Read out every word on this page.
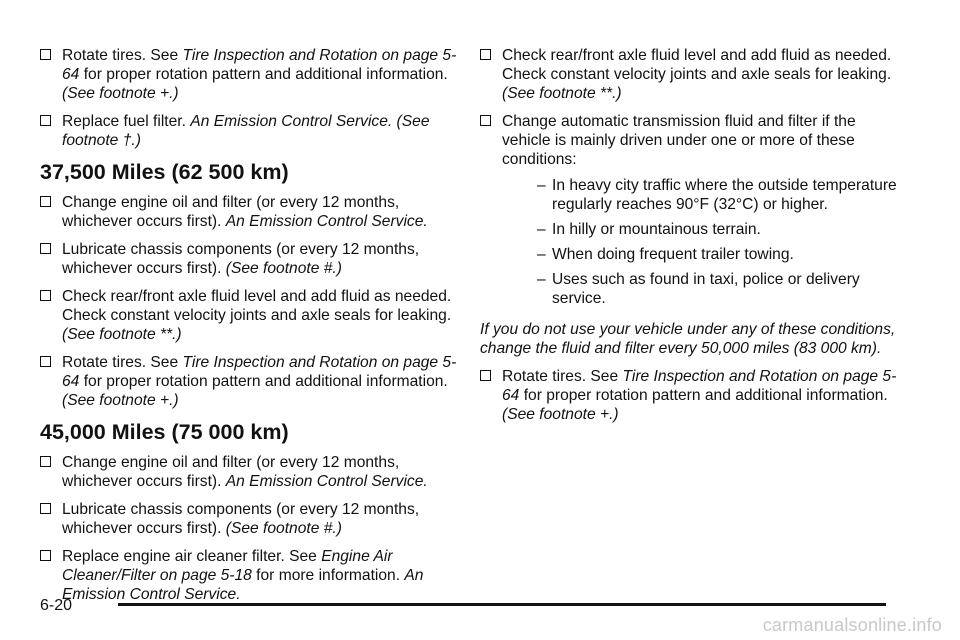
Rotate tires. See Tire Inspection and Rotation on page 5-64 for proper rotation pattern and additional information. (See footnote +.)
Replace fuel filter. An Emission Control Service. (See footnote †.)
37,500 Miles (62 500 km)
Change engine oil and filter (or every 12 months, whichever occurs first). An Emission Control Service.
Lubricate chassis components (or every 12 months, whichever occurs first). (See footnote #.)
Check rear/front axle fluid level and add fluid as needed. Check constant velocity joints and axle seals for leaking. (See footnote **.)
Rotate tires. See Tire Inspection and Rotation on page 5-64 for proper rotation pattern and additional information. (See footnote +.)
45,000 Miles (75 000 km)
Change engine oil and filter (or every 12 months, whichever occurs first). An Emission Control Service.
Lubricate chassis components (or every 12 months, whichever occurs first). (See footnote #.)
Replace engine air cleaner filter. See Engine Air Cleaner/Filter on page 5-18 for more information. An Emission Control Service.
Check rear/front axle fluid level and add fluid as needed. Check constant velocity joints and axle seals for leaking. (See footnote **.)
Change automatic transmission fluid and filter if the vehicle is mainly driven under one or more of these conditions:
– In heavy city traffic where the outside temperature regularly reaches 90°F (32°C) or higher.
– In hilly or mountainous terrain.
– When doing frequent trailer towing.
– Uses such as found in taxi, police or delivery service.

If you do not use your vehicle under any of these conditions, change the fluid and filter every 50,000 miles (83 000 km).

Rotate tires. See Tire Inspection and Rotation on page 5-64 for proper rotation pattern and additional information. (See footnote +.)
6-20
carmanualsonline.info
